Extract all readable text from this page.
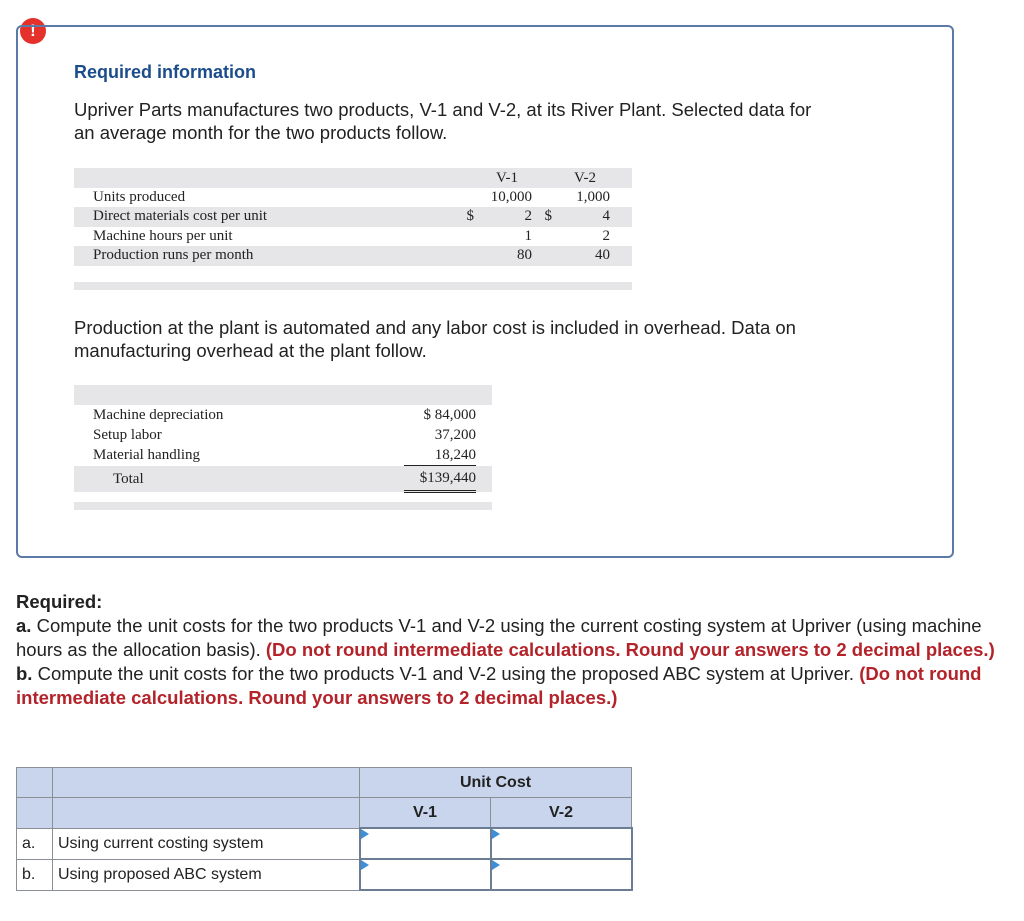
!
Required information
Upriver Parts manufactures two products, V-1 and V-2, at its River Plant. Selected data for
an average month for the two products follow.
		V-1		V-2	
Units produced		10,000		1,000	
Direct materials cost per unit	$	2	$	4	
Machine hours per unit		1		2	
Production runs per month		80		40	

Production at the plant is automated and any labor cost is included in overhead. Data on
manufacturing overhead at the plant follow.

Machine depreciation	$ 84,000	
Setup labor	37,200	
Material handling	18,240	
Total	$139,440	

Required:
a. Compute the unit costs for the two products V-1 and V-2 using the current costing system at Upriver (using machine hours as the allocation basis). (Do not round intermediate calculations. Round your answers to 2 decimal places.)
b. Compute the unit costs for the two products V-1 and V-2 using the proposed ABC system at Upriver. (Do not round intermediate calculations. Round your answers to 2 decimal places.)
		Unit Cost	
		V-1	V-2
a.	Using current costing system	

b.	Using proposed ABC system	
